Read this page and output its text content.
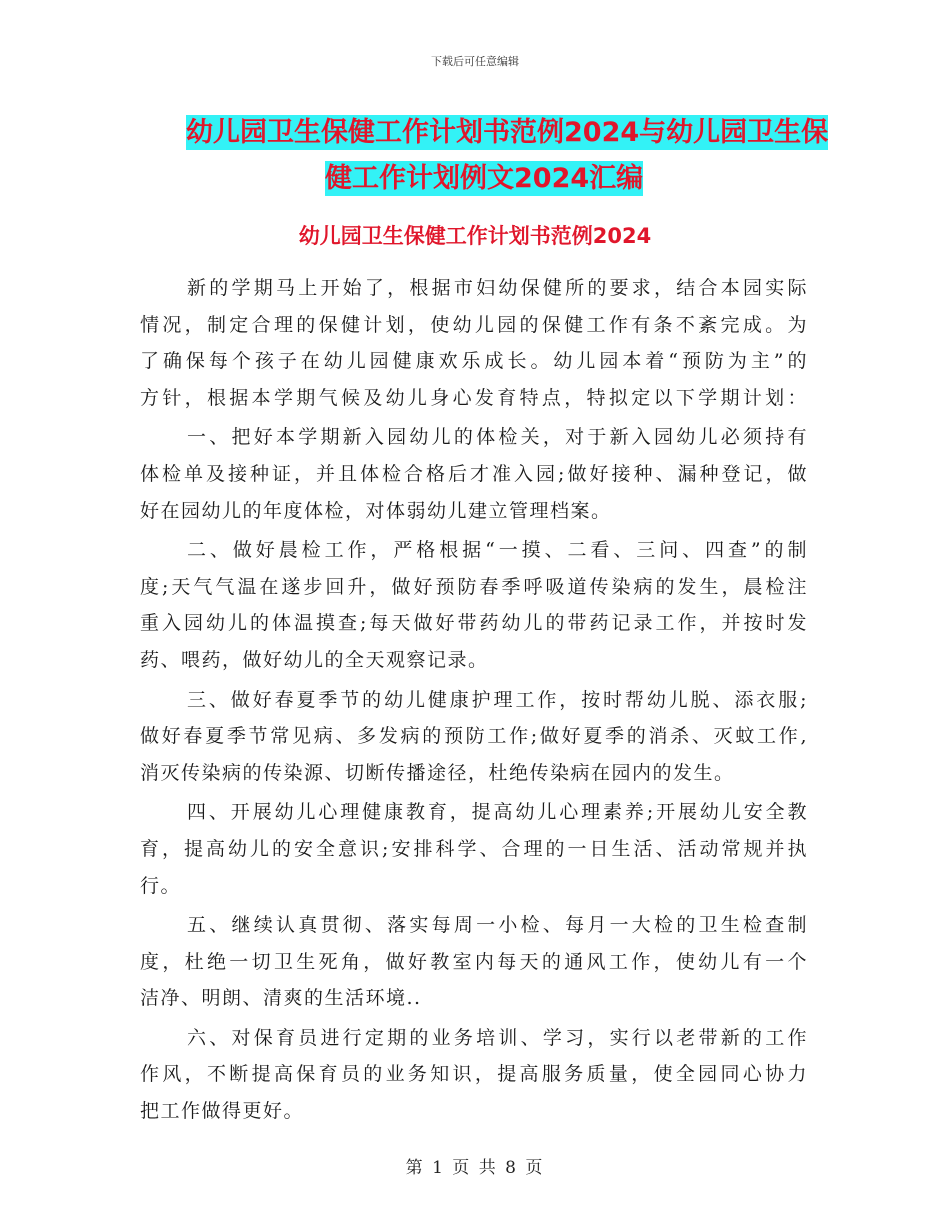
下载后可任意编辑
幼儿园卫生保健工作计划书范例2024与幼儿园卫生保
健工作计划例文2024汇编
幼儿园卫生保健工作计划书范例2024
新的学期马上开始了，根据市妇幼保健所的要求，结合本园实际
情况，制定合理的保健计划，使幼儿园的保健工作有条不紊完成。为
了确保每个孩子在幼儿园健康欢乐成长。幼儿园本着“预防为主”的
方针，根据本学期气候及幼儿身心发育特点，特拟定以下学期计划：
一、把好本学期新入园幼儿的体检关，对于新入园幼儿必须持有
体检单及接种证，并且体检合格后才准入园;做好接种、漏种登记，做
好在园幼儿的年度体检，对体弱幼儿建立管理档案。
二、做好晨检工作，严格根据“一摸、二看、三问、四查”的制
度;天气气温在遂步回升，做好预防春季呼吸道传染病的发生，晨检注
重入园幼儿的体温摸查;每天做好带药幼儿的带药记录工作，并按时发
药、喂药，做好幼儿的全天观察记录。
三、做好春夏季节的幼儿健康护理工作，按时帮幼儿脱、添衣服;
做好春夏季节常见病、多发病的预防工作;做好夏季的消杀、灭蚊工作,
消灭传染病的传染源、切断传播途径，杜绝传染病在园内的发生。
四、开展幼儿心理健康教育，提高幼儿心理素养;开展幼儿安全教
育，提高幼儿的安全意识;安排科学、合理的一日生活、活动常规并执
行。
五、继续认真贯彻、落实每周一小检、每月一大检的卫生检查制
度，杜绝一切卫生死角，做好教室内每天的通风工作，使幼儿有一个
洁净、明朗、清爽的生活环境..
六、对保育员进行定期的业务培训、学习，实行以老带新的工作
作风，不断提高保育员的业务知识，提高服务质量，使全园同心协力
把工作做得更好。
第 1 页 共 8 页
